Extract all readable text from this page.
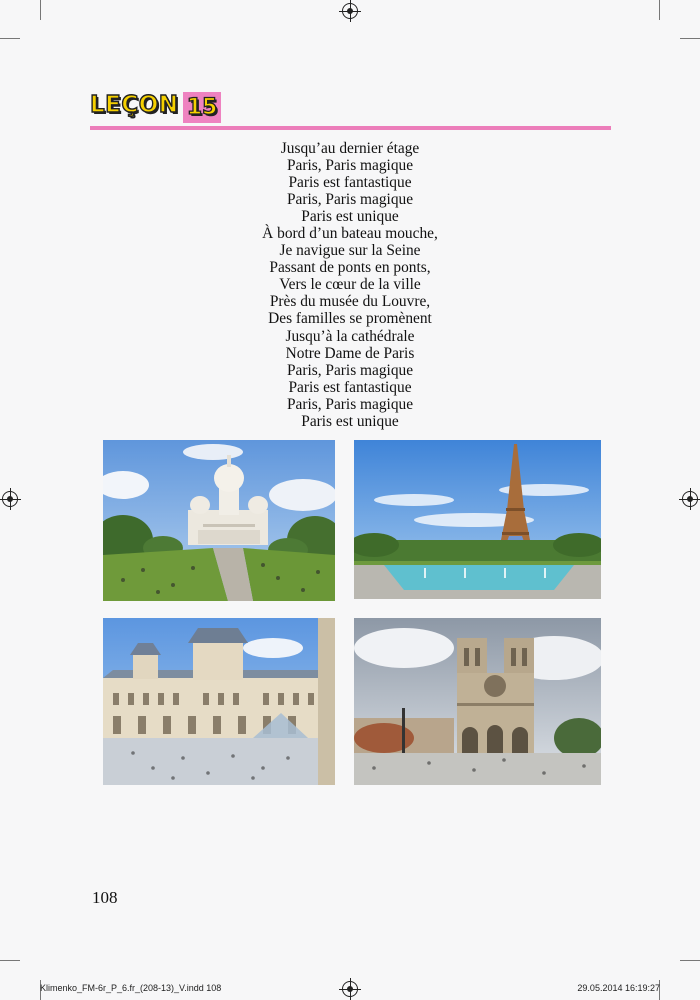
LEÇON 15
Jusqu’au dernier étage
Paris, Paris magique
Paris est fantastique
Paris, Paris magique
Paris est unique
À bord d’un bateau mouche,
Je navigue sur la Seine
Passant de ponts en ponts,
Vers le cœur de la ville
Près du musée du Louvre,
Des familles se promènent
Jusqu’à la cathédrale
Notre Dame de Paris
Paris, Paris magique
Paris est fantastique
Paris, Paris magique
Paris est unique
108
Klimenko_FM-6r_P_6.fr_(208-13)_V.indd 108	29.05.2014 16:19:27
